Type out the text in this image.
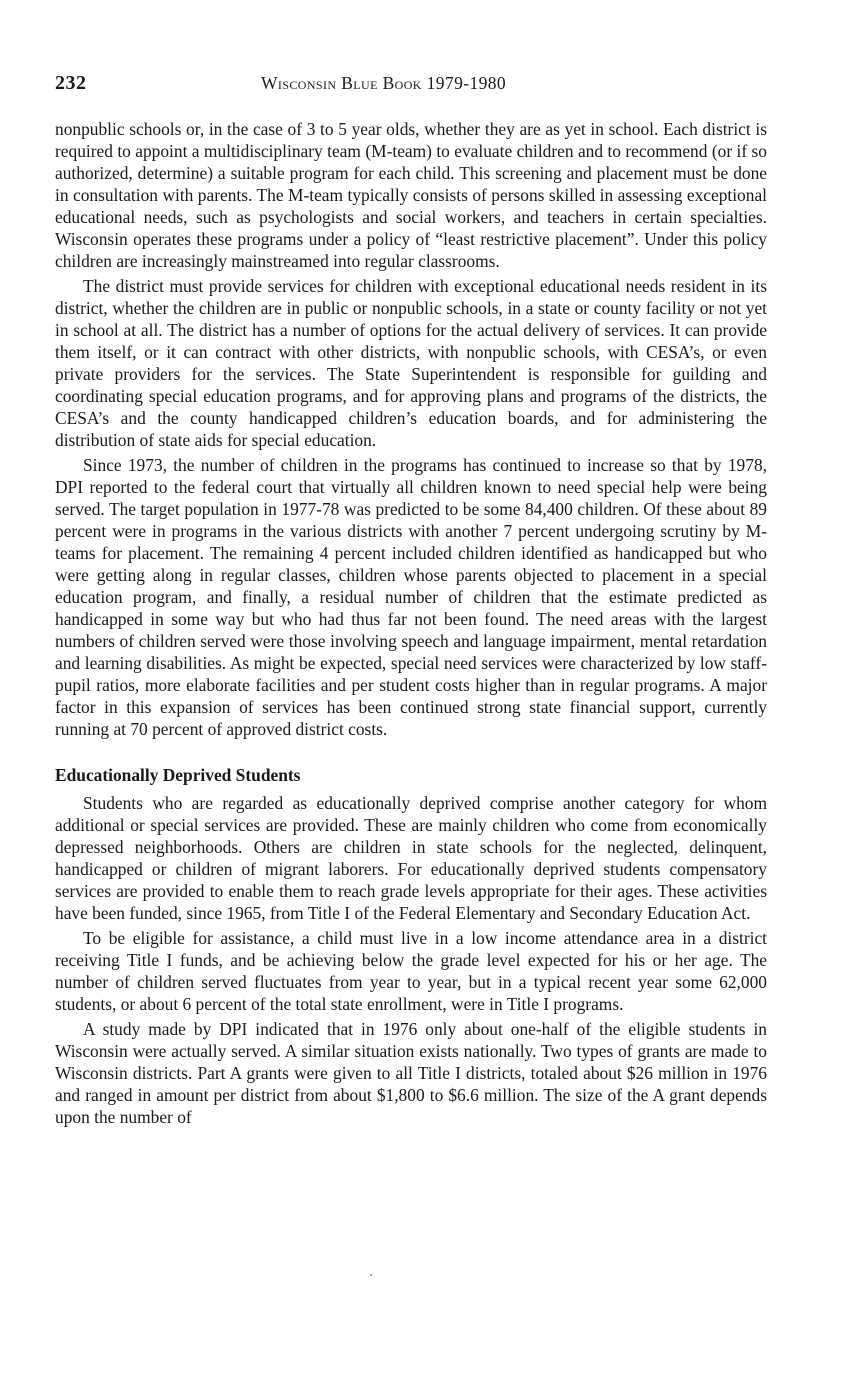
232	Wisconsin Blue Book 1979-1980

nonpublic schools or, in the case of 3 to 5 year olds, whether they are as yet in school. Each district is required to appoint a multidisciplinary team (M-team) to evaluate children and to recommend (or if so authorized, determine) a suitable program for each child. This screening and placement must be done in consultation with parents. The M-team typically consists of persons skilled in assessing exceptional educational needs, such as psychologists and social workers, and teachers in certain specialties. Wisconsin operates these programs under a policy of “least restrictive placement”. Under this policy children are increasingly mainstreamed into regular classrooms.

The district must provide services for children with exceptional educational needs resident in its district, whether the children are in public or nonpublic schools, in a state or county facility or not yet in school at all. The district has a number of options for the actual delivery of services. It can provide them itself, or it can contract with other districts, with nonpublic schools, with CESA’s, or even private providers for the services. The State Superintendent is responsible for guilding and coordinating special education programs, and for approving plans and programs of the districts, the CESA’s and the county handicapped children’s education boards, and for administering the distribution of state aids for special education.

Since 1973, the number of children in the programs has continued to increase so that by 1978, DPI reported to the federal court that virtually all children known to need special help were being served. The target population in 1977-78 was predicted to be some 84,400 children. Of these about 89 percent were in programs in the various districts with another 7 percent undergoing scrutiny by M-teams for placement. The remaining 4 percent included children identified as handicapped but who were getting along in regular classes, children whose parents objected to placement in a special education program, and finally, a residual number of children that the estimate predicted as handicapped in some way but who had thus far not been found. The need areas with the largest numbers of children served were those involving speech and language impairment, mental retardation and learning disabilities. As might be expected, special need services were characterized by low staff-pupil ratios, more elaborate facilities and per student costs higher than in regular programs. A major factor in this expansion of services has been continued strong state financial support, currently running at 70 percent of approved district costs.

Educationally Deprived Students

Students who are regarded as educationally deprived comprise another category for whom additional or special services are provided. These are mainly children who come from economically depressed neighborhoods. Others are children in state schools for the neglected, delinquent, handicapped or children of migrant laborers. For educationally deprived students compensatory services are provided to enable them to reach grade levels appropriate for their ages. These activities have been funded, since 1965, from Title I of the Federal Elementary and Secondary Education Act.

To be eligible for assistance, a child must live in a low income attendance area in a district receiving Title I funds, and be achieving below the grade level expected for his or her age. The number of children served fluctuates from year to year, but in a typical recent year some 62,000 students, or about 6 percent of the total state enrollment, were in Title I programs.

A study made by DPI indicated that in 1976 only about one-half of the eligible students in Wisconsin were actually served. A similar situation exists nationally. Two types of grants are made to Wisconsin districts. Part A grants were given to all Title I districts, totaled about $26 million in 1976 and ranged in amount per district from about $1,800 to $6.6 million. The size of the A grant depends upon the number of
